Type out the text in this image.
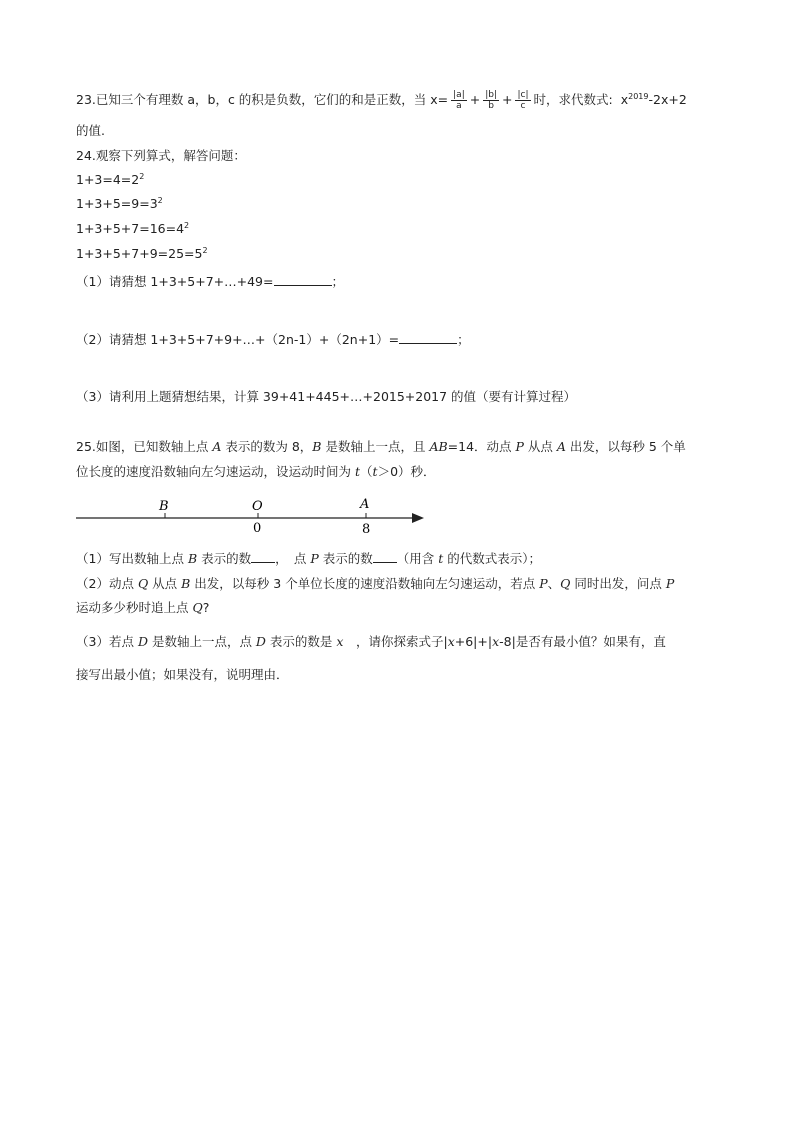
23.已知三个有理数 a，b，c 的积是负数，它们的和是正数，当 $x= \frac{|a|}{a} + \frac{|b|}{b} + \frac{|c|}{c}$ 时，求代数式: $x^{2019}-2x+2$
的值.
24.观察下列算式，解答问题：
$1+3=4=2^2$
$1+3+5=9=3^2$
$1+3+5+7=16=4^2$
$1+3+5+7+9=25=5^2$
（1）请猜想 1+3+5+7+…+49=	；
（2）请猜想 1+3+5+7+9+…+（2n-1）+（2n+1）=	；
（3）请利用上题猜想结果，计算 39+41+445+…+2015+2017 的值（要有计算过程）
25.如图，已知数轴上点 A 表示的数为 8，B 是数轴上一点，且 AB=14．动点 P 从点 A 出发，以每秒 5 个单
位长度的速度沿数轴向左匀速运动，设运动时间为 t（t＞0）秒．
B	O	A
0	8
（1）写出数轴上点 B 表示的数 ，　点 P 表示的数 （用含 t 的代数式表示）；
（2）动点 Q 从点 B 出发，以每秒 3 个单位长度的速度沿数轴向左匀速运动，若点 P、Q 同时出发，问点 P
运动多少秒时追上点 Q?
（3）若点 D 是数轴上一点，点 D 表示的数是 x　，请你探索式子|x+6|+|x-8|是否有最小值？如果有，直
接写出最小值；如果没有，说明理由．
